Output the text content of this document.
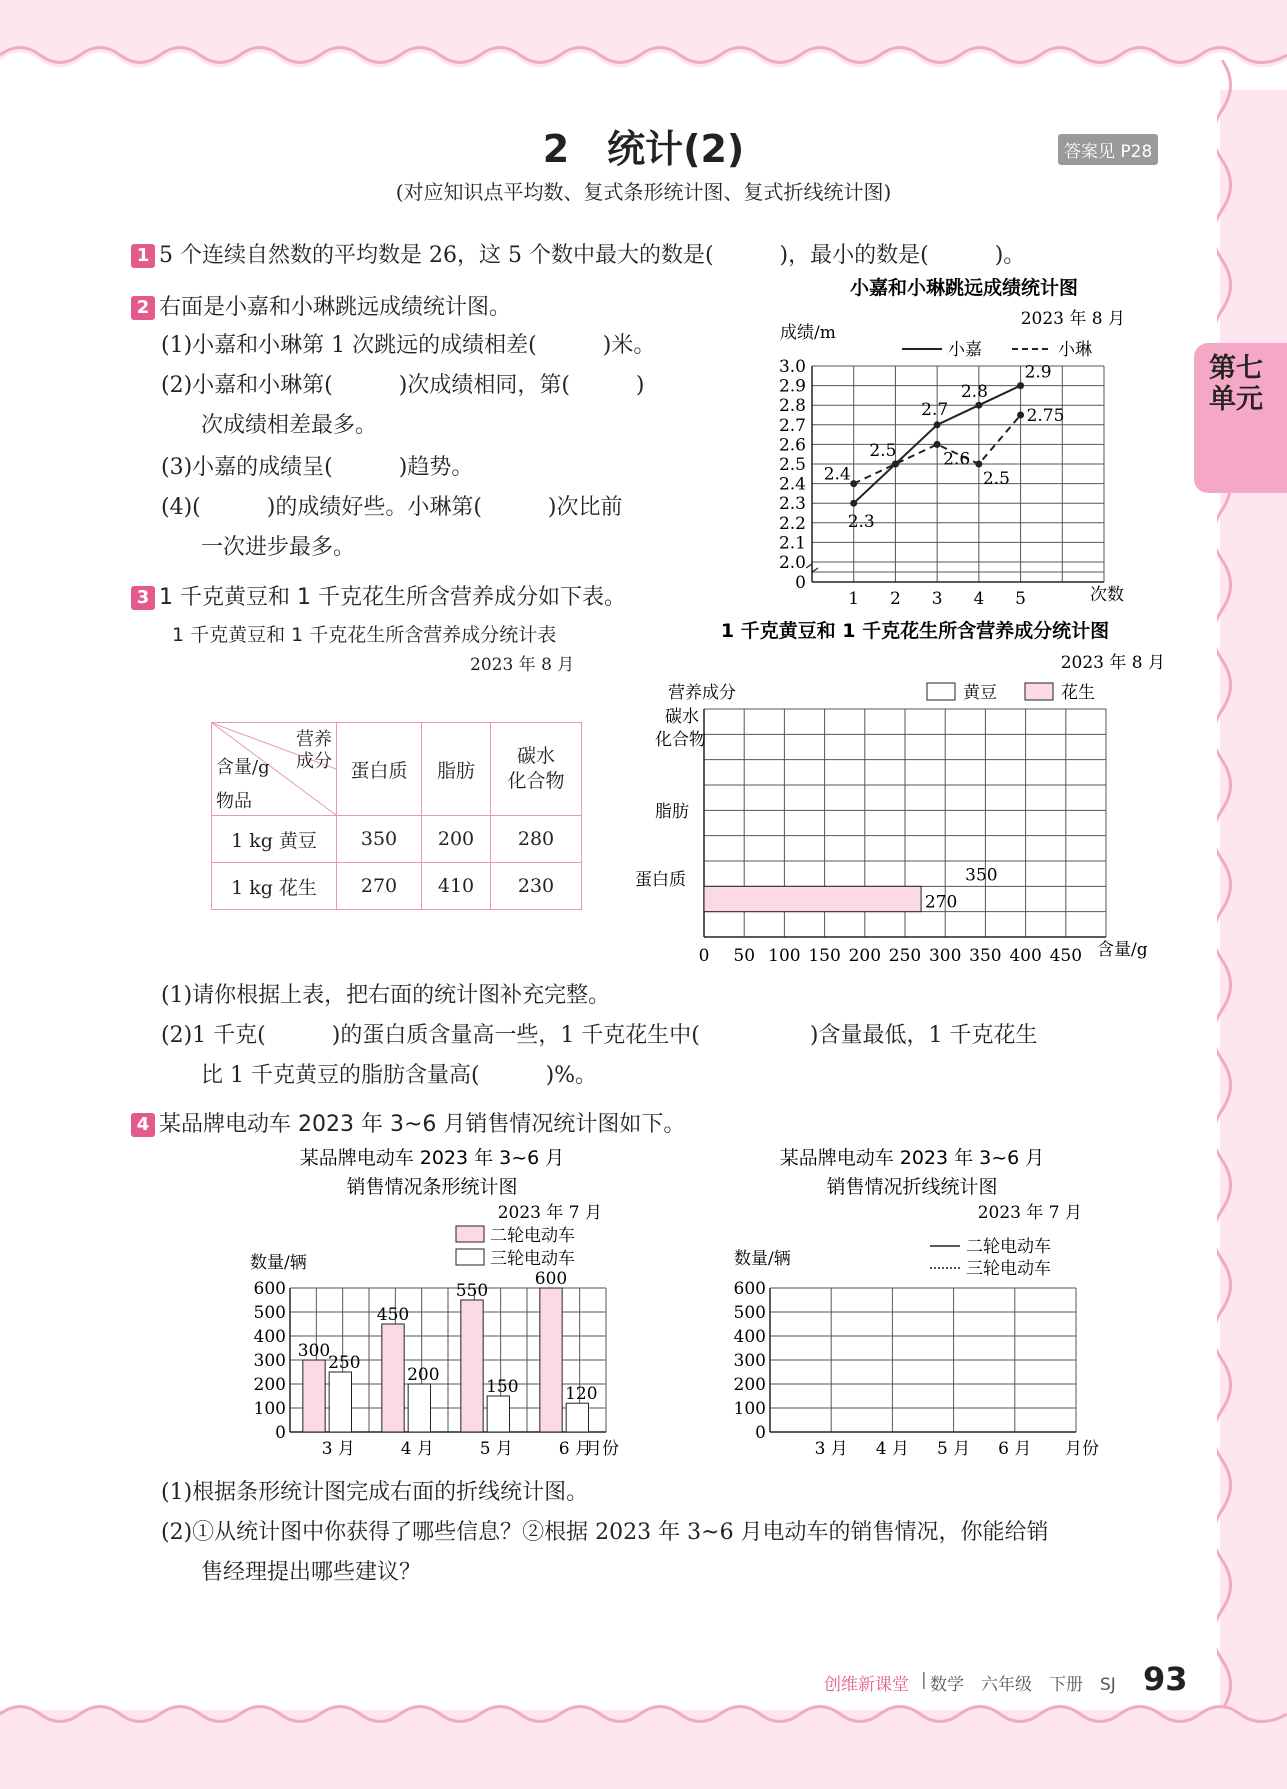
2　统计(2)	答案见 P28
(对应知识点平均数、复式条形统计图、复式折线统计图)
第七单元
1 5 个连续自然数的平均数是 26，这 5 个数中最大的数是(　　　)，最小的数是(　　　)。
2 右面是小嘉和小琳跳远成绩统计图。
(1)小嘉和小琳第 1 次跳远的成绩相差(　　　)米。
(2)小嘉和小琳第(　　　)次成绩相同，第(　　　)
次成绩相差最多。
(3)小嘉的成绩呈(　　　)趋势。
(4)(　　　)的成绩好些。小琳第(　　　)次比前
一次进步最多。
小嘉和小琳跳远成绩统计图
2023 年 8 月
成绩/m
小嘉	小琳
0
2.0
2.1
2.2
2.3
2.4
2.5
2.6
2.7
2.8
2.9
3.0
1 2 3 4 5
2.3
2.5
2.7
2.8
2.9
2.4
2.6
2.5
2.75
次数
3 1 千克黄豆和 1 千克花生所含营养成分如下表。
1 千克黄豆和 1 千克花生所含营养成分统计表
2023 年 8 月
营养
成分
含量/g
物品	蛋白质	脂肪	碳水
化合物
1 kg 黄豆	350	200	280
1 kg 花生	270	410	230
1 千克黄豆和 1 千克花生所含营养成分统计图
2023 年 8 月
营养成分	黄豆	花生
0 50 100 150 200 250 300 350 400 450
350
270
碳水
化合物
脂肪
蛋白质
含量/g
(1)请你根据上表，把右面的统计图补充完整。
(2)1 千克(　　　)的蛋白质含量高一些，1 千克花生中(　　　　　)含量最低，1 千克花生
比 1 千克黄豆的脂肪含量高(　　　)%。
4 某品牌电动车 2023 年 3~6 月销售情况统计图如下。
某品牌电动车 2023 年 3~6 月
销售情况条形统计图
2023 年 7 月
二轮电动车
三轮电动车
数量/辆
0
100
200
300
400
500
600
3 月
300
250
4 月
450
200
5 月
550
150
6 月
600
120
月份
某品牌电动车 2023 年 3~6 月
销售情况折线统计图
2023 年 7 月
二轮电动车
三轮电动车
数量/辆
0
100
200
300
400
500
600
3 月 4 月 5 月 6 月 月份
(1)根据条形统计图完成右面的折线统计图。
(2)①从统计图中你获得了哪些信息？②根据 2023 年 3~6 月电动车的销售情况，你能给销
售经理提出哪些建议？
创维新课堂 | 数学　六年级　下册　SJ 93
